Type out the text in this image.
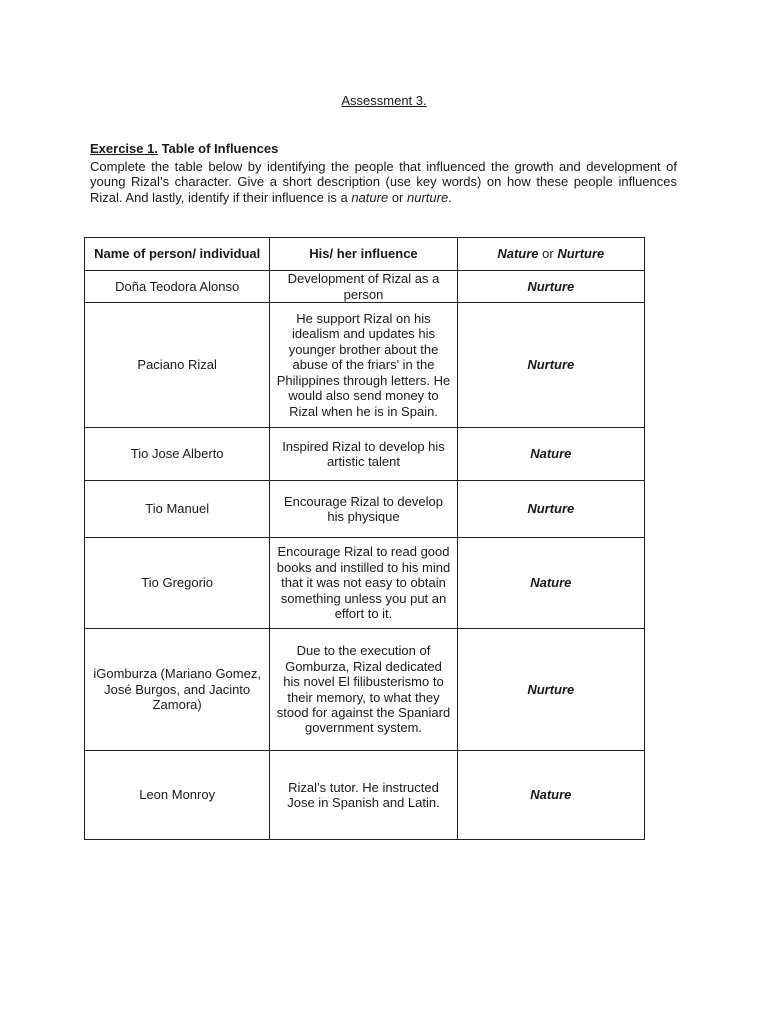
Assessment 3.
Exercise 1. Table of Influences
Complete the table below by identifying the people that influenced the growth and development of young Rizal’s character. Give a short description (use key words) on how these people influences Rizal. And lastly, identify if their influence is a nature or nurture.
Name of person/ individual	His/ her influence	Nature or Nurture
Doña Teodora Alonso	Development of Rizal as a person	Nurture
Paciano Rizal	He support Rizal on his idealism and updates his younger brother about the abuse of the friars' in the Philippines through letters. He would also send money to Rizal when he is in Spain.	Nurture
Tio Jose Alberto	Inspired Rizal to develop his artistic talent	Nature
Tio Manuel	Encourage Rizal to develop his physique	Nurture
Tio Gregorio	Encourage Rizal to read good books and instilled to his mind that it was not easy to obtain something unless you put an effort to it.	Nature
iGomburza (Mariano Gomez, José Burgos, and Jacinto Zamora)	Due to the execution of Gomburza, Rizal dedicated his novel El filibusterismo to their memory, to what they stood for against the Spaniard government system.	Nurture
Leon Monroy	Rizal’s tutor. He instructed Jose in Spanish and Latin.	Nature
